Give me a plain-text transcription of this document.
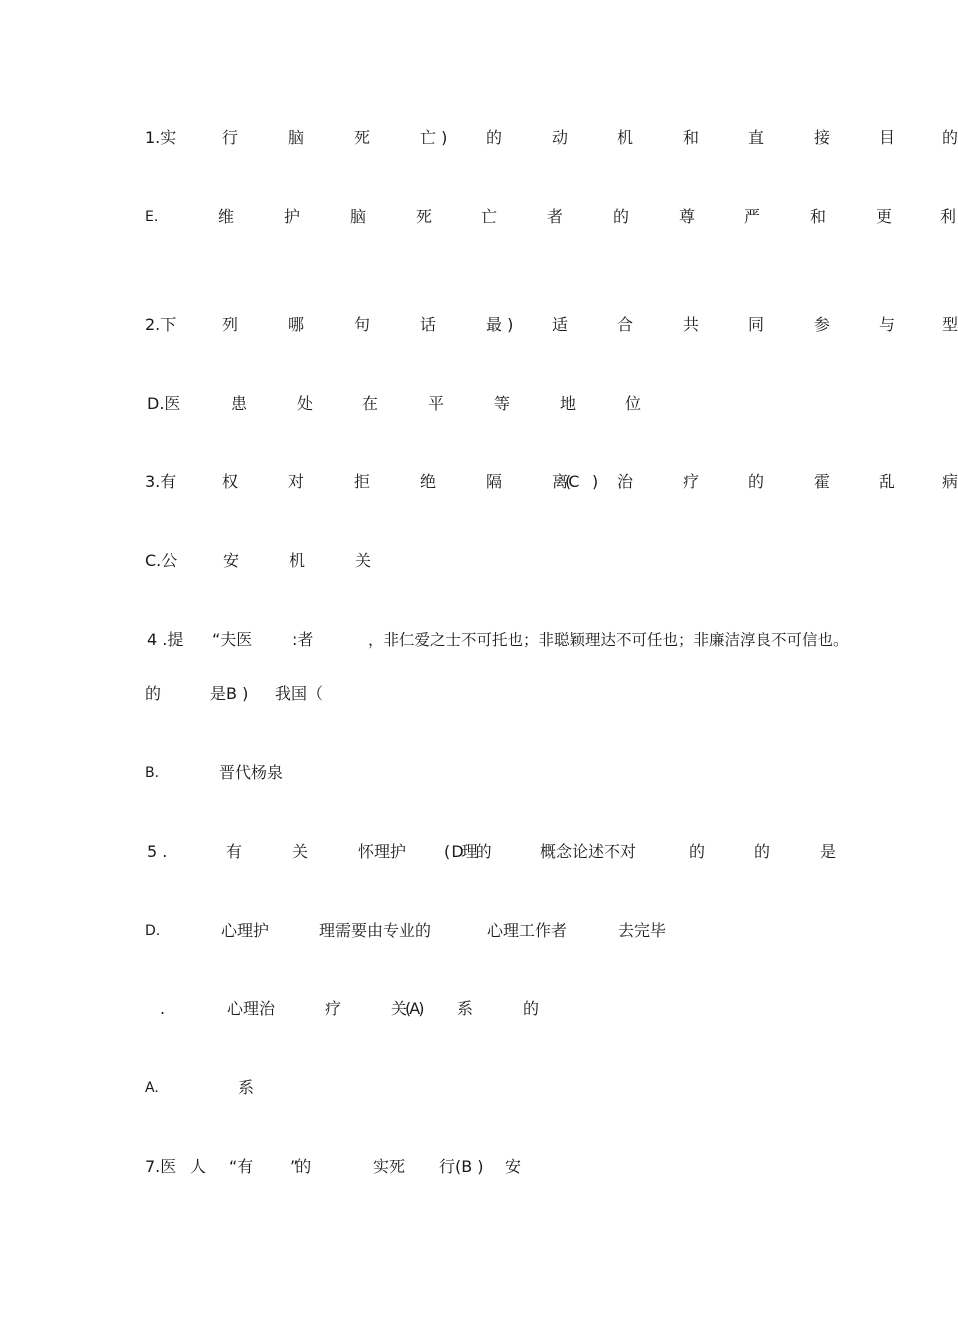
1.实	行	脑	死	亡 ) 的	动	机	和	直	接	目	的
E.	维	护	脑	死	亡	者	的	尊	严	和	更	利
2.下	列	哪	句	话	最 ) 适	合	共	同	参	与	型
D.医	患	处	在	平	等	地	位
3.有	权	对	拒	绝	隔	离(C ) 治	疗	的	霍	乱	病
C.公	安	机	关
4 .提 “夫医 :者	，非仁爱之士不可托也；非聪颖理达不可任也；非廉洁淳良不可信也。
的	是B ) 我国（
B.	晋代杨泉
5 .	有	关	怀理护 ( D理的	概念论述不对	的	的	是
D.	心理护	理需要由专业的	心理工作者	去完毕
.	心理治	疗	关(A) 系	的
A.	系
7.医 人 “有 ”的	实死 行(B ) 安
